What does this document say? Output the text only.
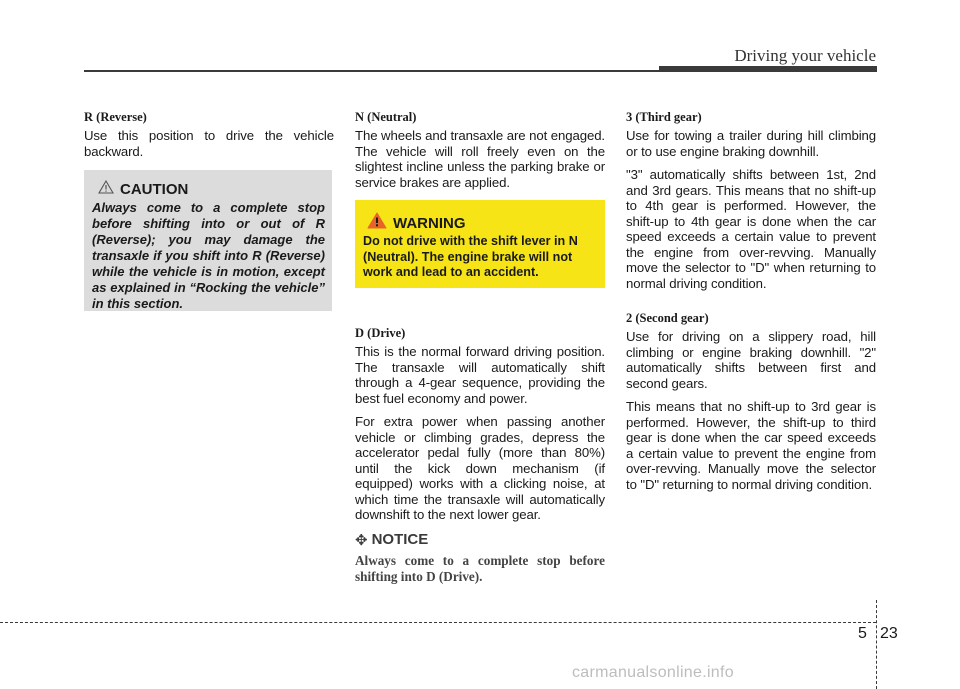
Driving your vehicle
R (Reverse)

Use this position to drive the vehicle backward.

CAUTION
Always come to a complete stop before shifting into or out of R (Reverse); you may damage the transaxle if you shift into R (Reverse) while the vehicle is in motion, except as explained in “Rocking the vehicle” in this section.
N (Neutral)

The wheels and transaxle are not engaged. The vehicle will roll freely even on the slightest incline unless the parking brake or service brakes are applied.

D (Drive)

This is the normal forward driving position. The transaxle will automatically shift through a 4-gear sequence, providing the best fuel economy and power.

For extra power when passing another vehicle or climbing grades, depress the accelerator pedal fully (more than 80%) until the kick down mechanism (if equipped) works with a clicking noise, at which time the transaxle will automatically downshift to the next lower gear.

✥ NOTICE
Always come to a complete stop before shifting into D (Drive).
WARNING
Do not drive with the shift lever in N (Neutral). The engine brake will not work and lead to an accident.
3 (Third gear)

Use for towing a trailer during hill climbing or to use engine braking downhill.

"3" automatically shifts between 1st, 2nd and 3rd gears. This means that no shift-up to 4th gear is performed. However, the shift-up to 4th gear is done when the car speed exceeds a certain value to prevent the engine from over-revving. Manually move the selector to "D" when returning to normal driving condition.

2 (Second gear)

Use for driving on a slippery road, hill climbing or engine braking downhill. "2" automatically shifts between first and second gears.

This means that no shift-up to 3rd gear is performed. However, the shift-up to third gear is done when the car speed exceeds a certain value to prevent the engine from over-revving. Manually move the selector to "D" returning to normal driving condition.

5 23
carmanualsonline.info
